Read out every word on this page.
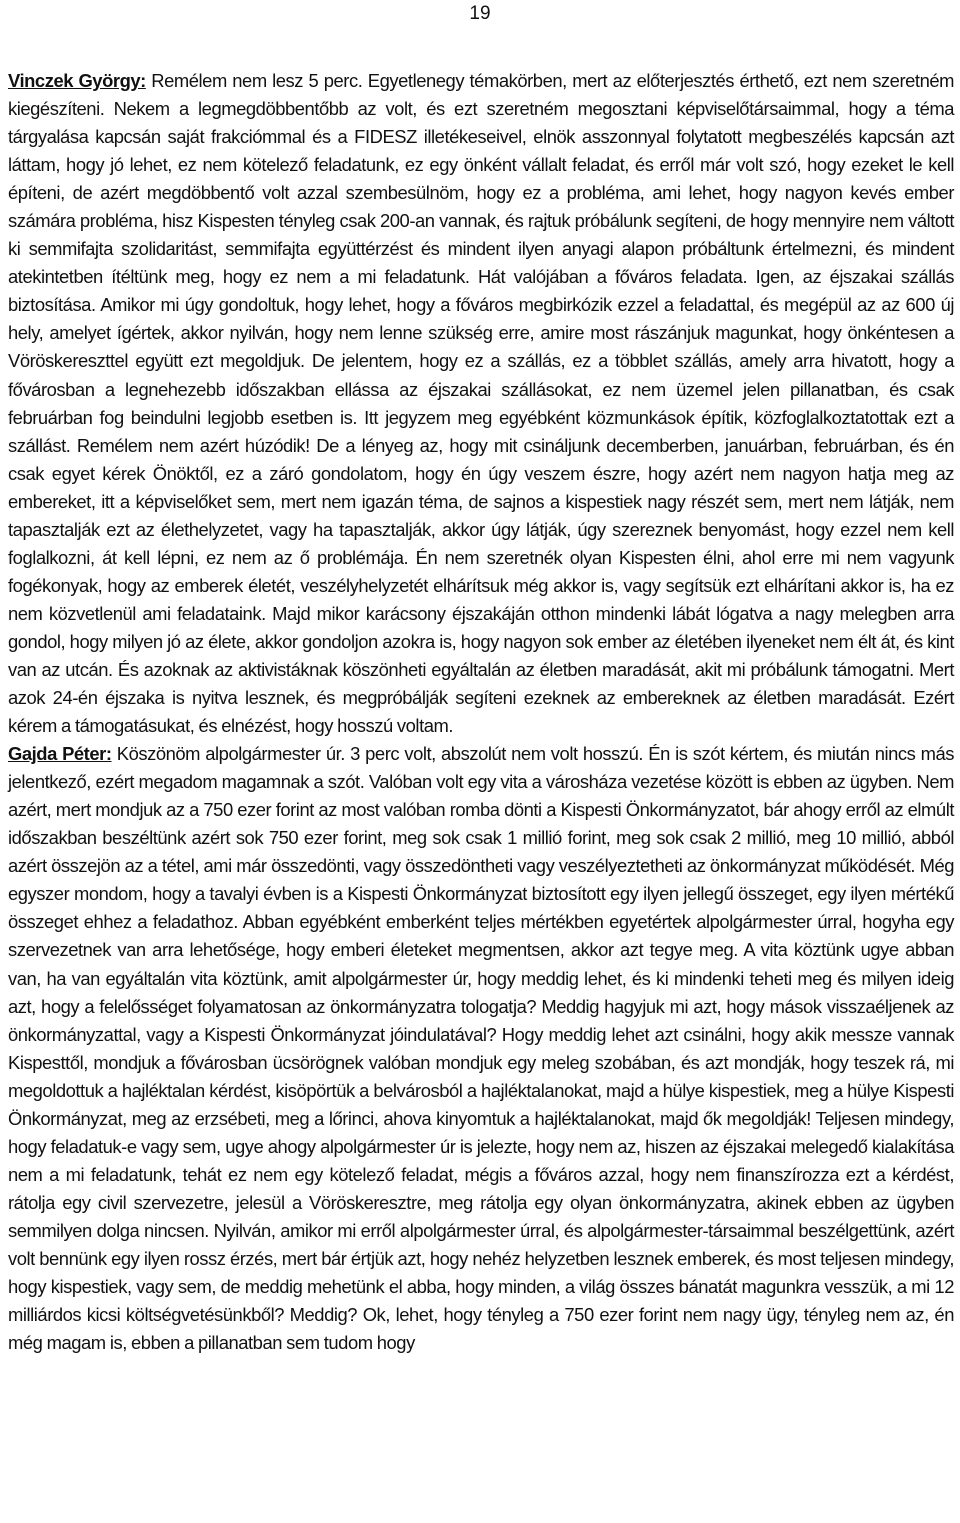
19

Vinczek György: Remélem nem lesz 5 perc. Egyetlenegy témakörben, mert az előterjesztés érthető, ezt nem szeretném kiegészíteni. Nekem a legmegdöbbentőbb az volt, és ezt szeretném megosztani képviselőtársaimmal, hogy a téma tárgyalása kapcsán saját frakciómmal és a FIDESZ illetékeseivel, elnök asszonnyal folytatott megbeszélés kapcsán azt láttam, hogy jó lehet, ez nem kötelező feladatunk, ez egy önként vállalt feladat, és erről már volt szó, hogy ezeket le kell építeni, de azért megdöbbentő volt azzal szembesülnöm, hogy ez a probléma, ami lehet, hogy nagyon kevés ember számára probléma, hisz Kispesten tényleg csak 200-an vannak, és rajtuk próbálunk segíteni, de hogy mennyire nem váltott ki semmifajta szolidaritást, semmifajta együttérzést és mindent ilyen anyagi alapon próbáltunk értelmezni, és mindent atekintetben ítéltünk meg, hogy ez nem a mi feladatunk. Hát valójában a főváros feladata. Igen, az éjszakai szállás biztosítása. Amikor mi úgy gondoltuk, hogy lehet, hogy a főváros megbirkózik ezzel a feladattal, és megépül az az 600 új hely, amelyet ígértek, akkor nyilván, hogy nem lenne szükség erre, amire most rászánjuk magunkat, hogy önkéntesen a Vöröskereszttel együtt ezt megoldjuk. De jelentem, hogy ez a szállás, ez a többlet szállás, amely arra hivatott, hogy a fővárosban a legnehezebb időszakban ellássa az éjszakai szállásokat, ez nem üzemel jelen pillanatban, és csak februárban fog beindulni legjobb esetben is. Itt jegyzem meg egyébként közmunkások építik, közfoglalkoztatottak ezt a szállást. Remélem nem azért húzódik! De a lényeg az, hogy mit csináljunk decemberben, januárban, februárban, és én csak egyet kérek Önöktől, ez a záró gondolatom, hogy én úgy veszem észre, hogy azért nem nagyon hatja meg az embereket, itt a képviselőket sem, mert nem igazán téma, de sajnos a kispestiek nagy részét sem, mert nem látják, nem tapasztalják ezt az élethelyzetet, vagy ha tapasztalják, akkor úgy látják, úgy szereznek benyomást, hogy ezzel nem kell foglalkozni, át kell lépni, ez nem az ő problémája. Én nem szeretnék olyan Kispesten élni, ahol erre mi nem vagyunk fogékonyak, hogy az emberek életét, veszélyhelyzetét elhárítsuk még akkor is, vagy segítsük ezt elhárítani akkor is, ha ez nem közvetlenül ami feladataink. Majd mikor karácsony éjszakáján otthon mindenki lábát lógatva a nagy melegben arra gondol, hogy milyen jó az élete, akkor gondoljon azokra is, hogy nagyon sok ember az életében ilyeneket nem élt át, és kint van az utcán. És azoknak az aktivistáknak köszönheti egyáltalán az életben maradását, akit mi próbálunk támogatni. Mert azok 24-én éjszaka is nyitva lesznek, és megpróbálják segíteni ezeknek az embereknek az életben maradását. Ezért kérem a támogatásukat, és elnézést, hogy hosszú voltam.

Gajda Péter: Köszönöm alpolgármester úr. 3 perc volt, abszolút nem volt hosszú. Én is szót kértem, és miután nincs más jelentkező, ezért megadom magamnak a szót. Valóban volt egy vita a városháza vezetése között is ebben az ügyben. Nem azért, mert mondjuk az a 750 ezer forint az most valóban romba dönti a Kispesti Önkormányzatot, bár ahogy erről az elmúlt időszakban beszéltünk azért sok 750 ezer forint, meg sok csak 1 millió forint, meg sok csak 2 millió, meg 10 millió, abból azért összejön az a tétel, ami már összedönti, vagy összedöntheti vagy veszélyeztetheti az önkormányzat működését. Még egyszer mondom, hogy a tavalyi évben is a Kispesti Önkormányzat biztosított egy ilyen jellegű összeget, egy ilyen mértékű összeget ehhez a feladathoz. Abban egyébként emberként teljes mértékben egyetértek alpolgármester úrral, hogyha egy szervezetnek van arra lehetősége, hogy emberi életeket megmentsen, akkor azt tegye meg. A vita köztünk ugye abban van, ha van egyáltalán vita köztünk, amit alpolgármester úr, hogy meddig lehet, és ki mindenki teheti meg és milyen ideig azt, hogy a felelősséget folyamatosan az önkormányzatra tologatja? Meddig hagyjuk mi azt, hogy mások visszaéljenek az önkormányzattal, vagy a Kispesti Önkormányzat jóindulatával? Hogy meddig lehet azt csinálni, hogy akik messze vannak Kispesttől, mondjuk a fővárosban ücsörögnek valóban mondjuk egy meleg szobában, és azt mondják, hogy teszek rá, mi megoldottuk a hajléktalan kérdést, kisöpörtük a belvárosból a hajléktalanokat, majd a hülye kispestiek, meg a hülye Kispesti Önkormányzat, meg az erzsébeti, meg a lőrinci, ahova kinyomtuk a hajléktalanokat, majd ők megoldják! Teljesen mindegy, hogy feladatuk-e vagy sem, ugye ahogy alpolgármester úr is jelezte, hogy nem az, hiszen az éjszakai melegedő kialakítása nem a mi feladatunk, tehát ez nem egy kötelező feladat, mégis a főváros azzal, hogy nem finanszírozza ezt a kérdést, rátolja egy civil szervezetre, jelesül a Vöröskeresztre, meg rátolja egy olyan önkormányzatra, akinek ebben az ügyben semmilyen dolga nincsen. Nyilván, amikor mi erről alpolgármester úrral, és alpolgármester-társaimmal beszélgettünk, azért volt bennünk egy ilyen rossz érzés, mert bár értjük azt, hogy nehéz helyzetben lesznek emberek, és most teljesen mindegy, hogy kispestiek, vagy sem, de meddig mehetünk el abba, hogy minden, a világ összes bánatát magunkra vesszük, a mi 12 milliárdos kicsi költségvetésünkből? Meddig? Ok, lehet, hogy tényleg a 750 ezer forint nem nagy ügy, tényleg nem az, én még magam is, ebben a pillanatban sem tudom hogy
